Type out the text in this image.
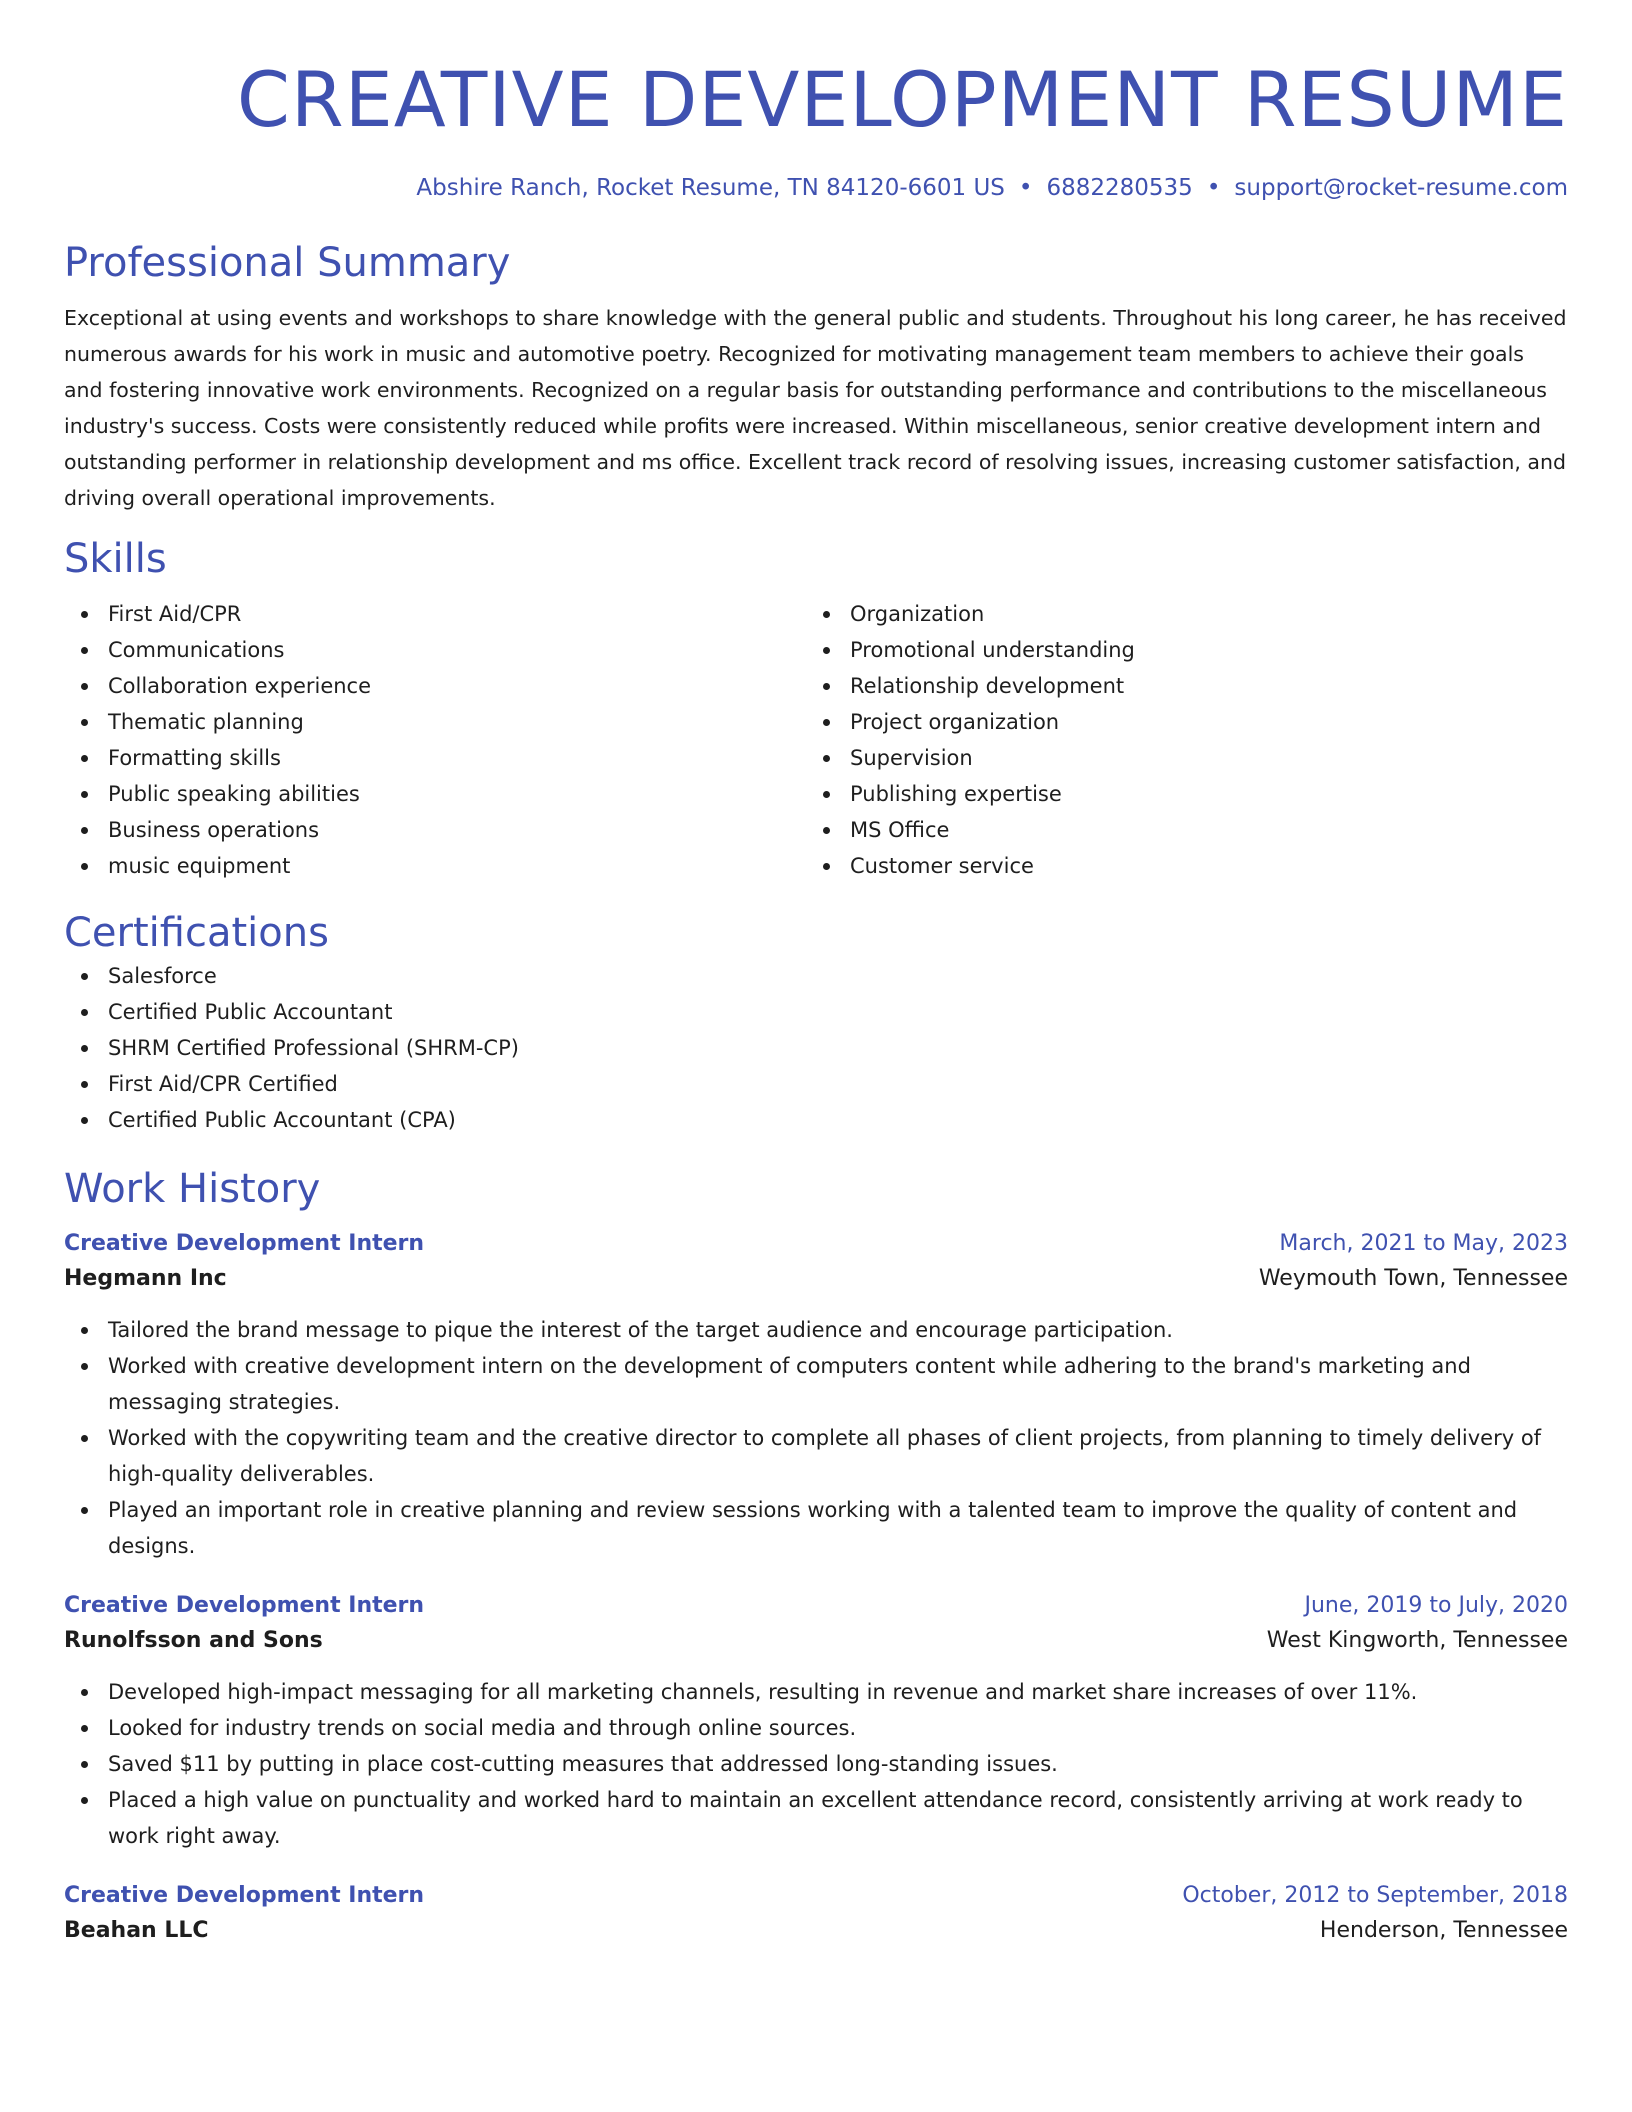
CREATIVE DEVELOPMENT RESUME
Abshire Ranch, Rocket Resume, TN 84120-6601 US • 6882280535 • support@rocket-resume.com
Professional Summary

Exceptional at using events and workshops to share knowledge with the general public and students. Throughout his long career, he has received numerous awards for his work in music and automotive poetry. Recognized for motivating management team members to achieve their goals and fostering innovative work environments. Recognized on a regular basis for outstanding performance and contributions to the miscellaneous industry's success. Costs were consistently reduced while profits were increased. Within miscellaneous, senior creative development intern and outstanding performer in relationship development and ms office. Excellent track record of resolving issues, increasing customer satisfaction, and driving overall operational improvements.

Skills
First Aid/CPR
Communications
Collaboration experience
Thematic planning
Formatting skills
Public speaking abilities
Business operations
music equipment
Organization
Promotional understanding
Relationship development
Project organization
Supervision
Publishing expertise
MS Office
Customer service
Certifications
Salesforce
Certified Public Accountant
SHRM Certified Professional (SHRM-CP)
First Aid/CPR Certified
Certified Public Accountant (CPA)
Work History
Creative Development Intern	March, 2021 to May, 2023
Hegmann Inc	Weymouth Town, Tennessee
Tailored the brand message to pique the interest of the target audience and encourage participation.
Worked with creative development intern on the development of computers content while adhering to the brand's marketing and messaging strategies.
Worked with the copywriting team and the creative director to complete all phases of client projects, from planning to timely delivery of high-quality deliverables.
Played an important role in creative planning and review sessions working with a talented team to improve the quality of content and designs.
Creative Development Intern	June, 2019 to July, 2020
Runolfsson and Sons	West Kingworth, Tennessee
Developed high-impact messaging for all marketing channels, resulting in revenue and market share increases of over 11%.
Looked for industry trends on social media and through online sources.
Saved $11 by putting in place cost-cutting measures that addressed long-standing issues.
Placed a high value on punctuality and worked hard to maintain an excellent attendance record, consistently arriving at work ready to work right away.
Creative Development Intern	October, 2012 to September, 2018
Beahan LLC	Henderson, Tennessee
